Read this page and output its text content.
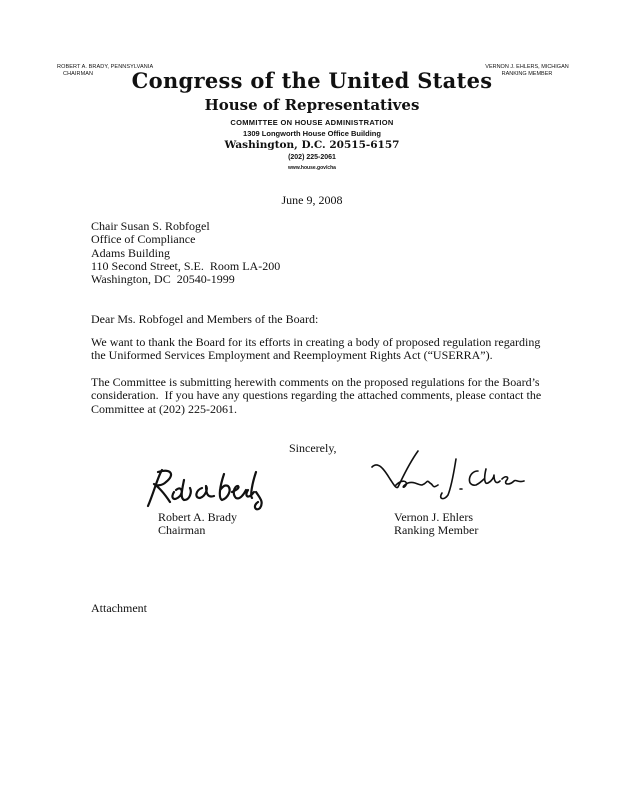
ROBERT A. BRADY, PENNSYLVANIA
CHAIRMAN
VERNON J. EHLERS, MICHIGAN
RANKING MEMBER
Congress of the United States
House of Representatives
COMMITTEE ON HOUSE ADMINISTRATION
1309 Longworth House Office Building
Washington, D.C. 20515-6157
(202) 225-2061
www.house.gov/cha
June 9, 2008
Chair Susan S. Robfogel
Office of Compliance
Adams Building
110 Second Street, S.E.  Room LA-200
Washington, DC  20540-1999
Dear Ms. Robfogel and Members of the Board:
We want to thank the Board for its efforts in creating a body of proposed regulation regarding
the Uniformed Services Employment and Reemployment Rights Act (“USERRA”).
The Committee is submitting herewith comments on the proposed regulations for the Board’s
consideration.  If you have any questions regarding the attached comments, please contact the
Committee at (202) 225-2061.
Sincerely,
Robert A. Brady
Chairman
Vernon J. Ehlers
Ranking Member
Attachment
